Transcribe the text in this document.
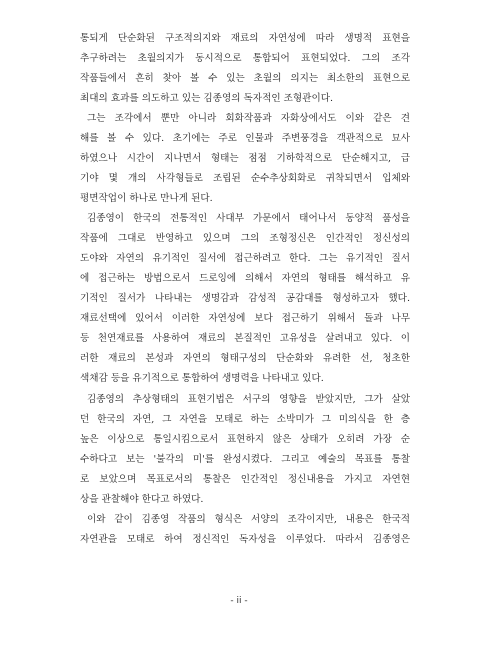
통되게 단순화된 구조적의지와 재료의 자연성에 따라 생명적 표현을
추구하려는 초월의지가 동시적으로 통합되어 표현되었다. 그의 조각
작품들에서 흔히 찾아 볼 수 있는 초월의 의지는 최소한의 표현으로
최대의 효과를 의도하고 있는 김종영의 독자적인 조형관이다.
그는 조각에서 뿐만 아니라 회화작품과 자화상에서도 이와 같은 견
해를 볼 수 있다. 초기에는 주로 인물과 주변풍경을 객관적으로 묘사
하였으나 시간이 지나면서 형태는 점점 기하학적으로 단순해지고, 급
기야 몇 개의 사각형들로 조립된 순수추상회화로 귀착되면서 입체와
평면작업이 하나로 만나게 된다.
김종영이 한국의 전통적인 사대부 가문에서 태어나서 동양적 품성을
작품에 그대로 반영하고 있으며 그의 조형정신은 인간적인 정신성의
도야와 자연의 유기적인 질서에 접근하려고 한다. 그는 유기적인 질서
에 접근하는 방법으로서 드로잉에 의해서 자연의 형태를 해석하고 유
기적인 질서가 나타내는 생명감과 감성적 공감대를 형성하고자 했다.
재료선택에 있어서 이러한 자연성에 보다 접근하기 위해서 돌과 나무
등 천연재료를 사용하여 재료의 본질적인 고유성을 살려내고 있다. 이
러한 재료의 본성과 자연의 형태구성의 단순화와 유려한 선, 청초한
색채감 등을 유기적으로 통합하여 생명력을 나타내고 있다.
김종영의 추상형태의 표현기법은 서구의 영향을 받았지만, 그가 살았
던 한국의 자연, 그 자연을 모태로 하는 소박미가 그 미의식을 한 층
높은 이상으로 통일시킴으로서 표현하지 않은 상태가 오히려 가장 순
수하다고 보는 '불각의 미'를 완성시켰다. 그리고 예술의 목표를 통찰
로 보았으며 목표로서의 통찰은 인간적인 정신내용을 가지고 자연현
상을 관찰해야 한다고 하였다.
이와 같이 김종영 작품의 형식은 서양의 조각이지만, 내용은 한국적
자연관을 모태로 하여 정신적인 독자성을 이루었다. 따라서 김종영은
- ii -
